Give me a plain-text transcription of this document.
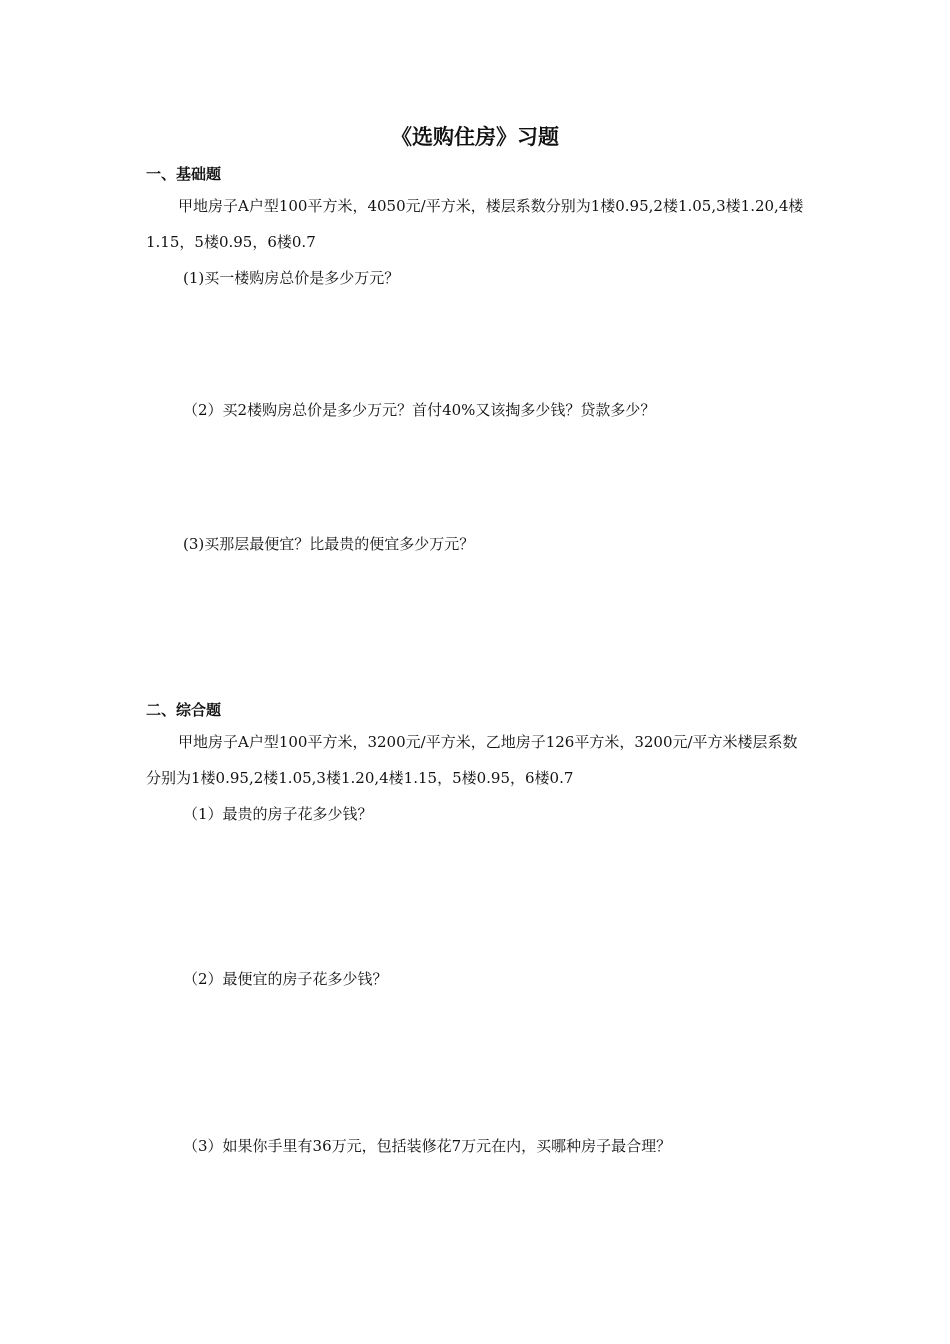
《选购住房》习题
一、基础题

甲地房子A户型100平方米，4050元/平方米，楼层系数分别为1楼0.95,2楼1.05,3楼1.20,4楼1.15，5楼0.95，6楼0.7

(1)买一楼购房总价是多少万元？
（2）买2楼购房总价是多少万元？首付40%又该掏多少钱？贷款多少？
(3)买那层最便宜？比最贵的便宜多少万元？
二、综合题

甲地房子A户型100平方米，3200元/平方米，乙地房子126平方米，3200元/平方米楼层系数分别为1楼0.95,2楼1.05,3楼1.20,4楼1.15，5楼0.95，6楼0.7

（1）最贵的房子花多少钱？
（2）最便宜的房子花多少钱？
（3）如果你手里有36万元，包括装修花7万元在内，买哪种房子最合理？
